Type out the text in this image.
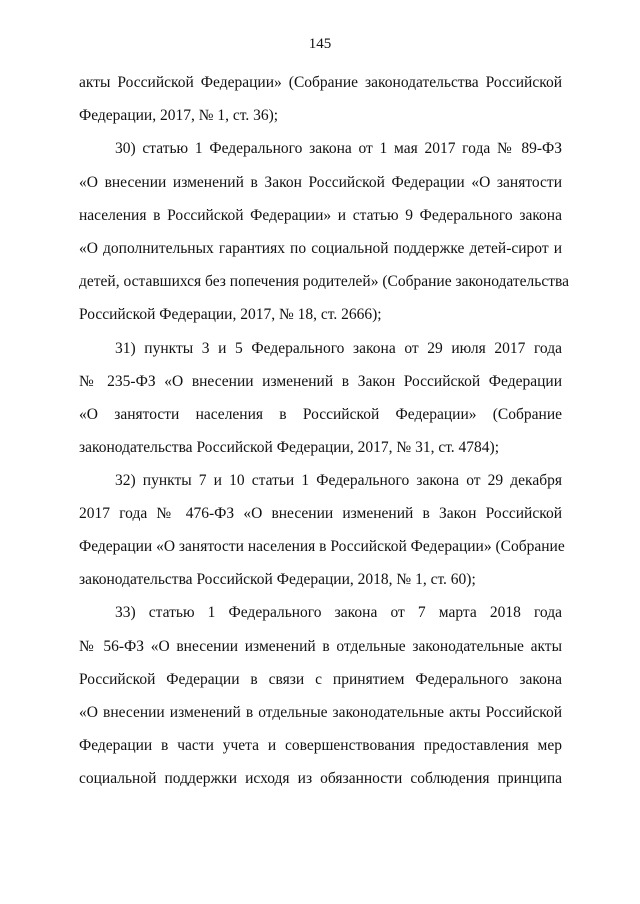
145
акты Российской Федерации» (Собрание законодательства Российской
Федерации, 2017, № 1, ст. 36);
30) статью 1 Федерального закона от 1 мая 2017 года № 89-ФЗ
«О внесении изменений в Закон Российской Федерации «О занятости
населения в Российской Федерации» и статью 9 Федерального закона
«О дополнительных гарантиях по социальной поддержке детей-сирот и
детей, оставшихся без попечения родителей» (Собрание законодательства
Российской Федерации, 2017, № 18, ст. 2666);
31) пункты 3 и 5 Федерального закона от 29 июля 2017 года
№ 235-ФЗ «О внесении изменений в Закон Российской Федерации
«О занятости населения в Российской Федерации» (Собрание
законодательства Российской Федерации, 2017, № 31, ст. 4784);
32) пункты 7 и 10 статьи 1 Федерального закона от 29 декабря
2017 года № 476-ФЗ «О внесении изменений в Закон Российской
Федерации «О занятости населения в Российской Федерации» (Собрание
законодательства Российской Федерации, 2018, № 1, ст. 60);
33) статью 1 Федерального закона от 7 марта 2018 года
№ 56-ФЗ «О внесении изменений в отдельные законодательные акты
Российской Федерации в связи с принятием Федерального закона
«О внесении изменений в отдельные законодательные акты Российской
Федерации в части учета и совершенствования предоставления мер
социальной поддержки исходя из обязанности соблюдения принципа
